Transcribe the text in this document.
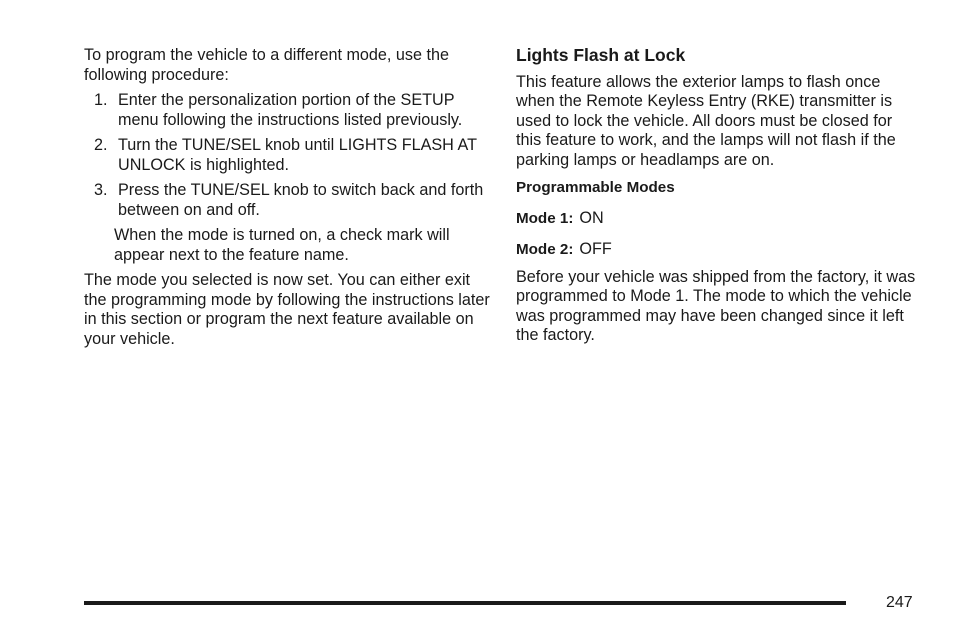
To program the vehicle to a different mode, use the following procedure:

1. Enter the personalization portion of the SETUP menu following the instructions listed previously.
2. Turn the TUNE/SEL knob until LIGHTS FLASH AT UNLOCK is highlighted.
3. Press the TUNE/SEL knob to switch back and forth between on and off.

When the mode is turned on, a check mark will appear next to the feature name.

The mode you selected is now set. You can either exit the programming mode by following the instructions later in this section or program the next feature available on your vehicle.

Lights Flash at Lock

This feature allows the exterior lamps to flash once when the Remote Keyless Entry (RKE) transmitter is used to lock the vehicle. All doors must be closed for this feature to work, and the lamps will not flash if the parking lamps or headlamps are on.

Programmable Modes

Mode 1: ON

Mode 2: OFF

Before your vehicle was shipped from the factory, it was programmed to Mode 1. The mode to which the vehicle was programmed may have been changed since it left the factory.

247
